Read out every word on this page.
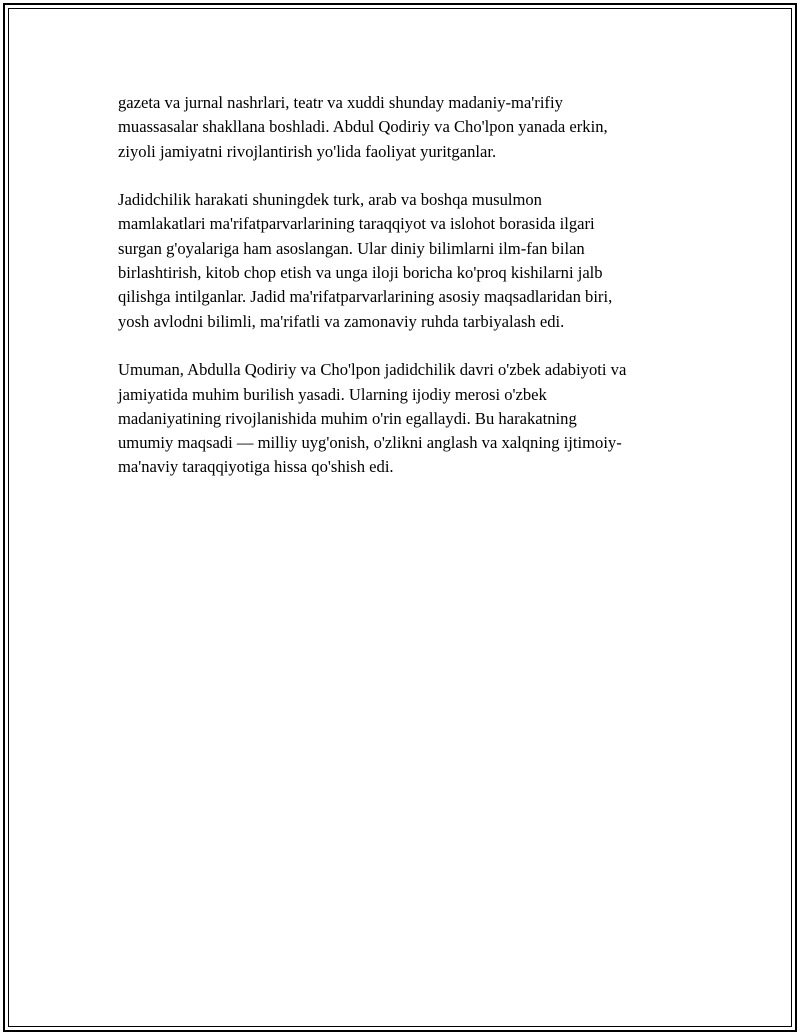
gazeta va jurnal nashrlari, teatr va xuddi shunday madaniy-ma'rifiy
muassasalar shakllana boshladi. Abdul Qodiriy va Cho'lpon yanada erkin,
ziyoli jamiyatni rivojlantirish yo'lida faoliyat yuritganlar.

Jadidchilik harakati shuningdek turk, arab va boshqa musulmon
mamlakatlari ma'rifatparvarlarining taraqqiyot va islohot borasida ilgari
surgan g'oyalariga ham asoslangan. Ular diniy bilimlarni ilm-fan bilan
birlashtirish, kitob chop etish va unga iloji boricha ko'proq kishilarni jalb
qilishga intilganlar. Jadid ma'rifatparvarlarining asosiy maqsadlaridan biri,
yosh avlodni bilimli, ma'rifatli va zamonaviy ruhda tarbiyalash edi.

Umuman, Abdulla Qodiriy va Cho'lpon jadidchilik davri o'zbek adabiyoti va
jamiyatida muhim burilish yasadi. Ularning ijodiy merosi o'zbek
madaniyatining rivojlanishida muhim o'rin egallaydi. Bu harakatning
umumiy maqsadi — milliy uyg'onish, o'zlikni anglash va xalqning ijtimoiy-
ma'naviy taraqqiyotiga hissa qo'shish edi.
